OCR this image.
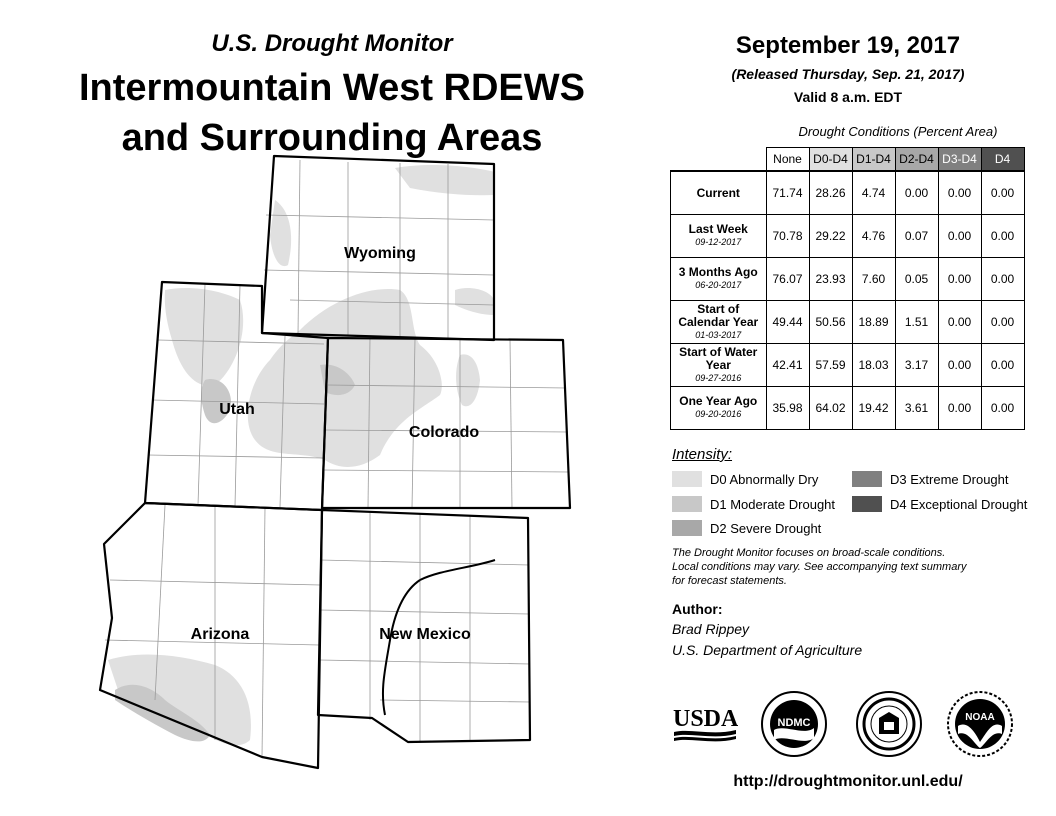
U.S. Drought Monitor
Intermountain West RDEWS
and Surrounding Areas
Wyoming
Utah
Colorado
Arizona	New Mexico
September 19, 2017
(Released Thursday, Sep. 21, 2017)
Valid 8 a.m. EDT
Drought Conditions (Percent Area)
	None	D0-D4	D1-D4	D2-D4	D3-D4	D4
Current	71.74	28.26	4.74	0.00	0.00	0.00
Last Week
09-12-2017	70.78	29.22	4.76	0.07	0.00	0.00
3 Months Ago
06-20-2017	76.07	23.93	7.60	0.05	0.00	0.00
Start of Calendar Year
01-03-2017	49.44	50.56	18.89	1.51	0.00	0.00
Start of Water Year
09-27-2016	42.41	57.59	18.03	3.17	0.00	0.00
One Year Ago
09-20-2016	35.98	64.02	19.42	3.61	0.00	0.00
Intensity:
D0 Abnormally Dry
D1 Moderate Drought
D2 Severe Drought
D3 Extreme Drought
D4 Exceptional Drought
The Drought Monitor focuses on broad-scale conditions.
Local conditions may vary. See accompanying text summary
for forecast statements.
Author:
Brad Rippey
U.S. Department of Agriculture
USDA	NDMC	NOAA
http://droughtmonitor.unl.edu/
